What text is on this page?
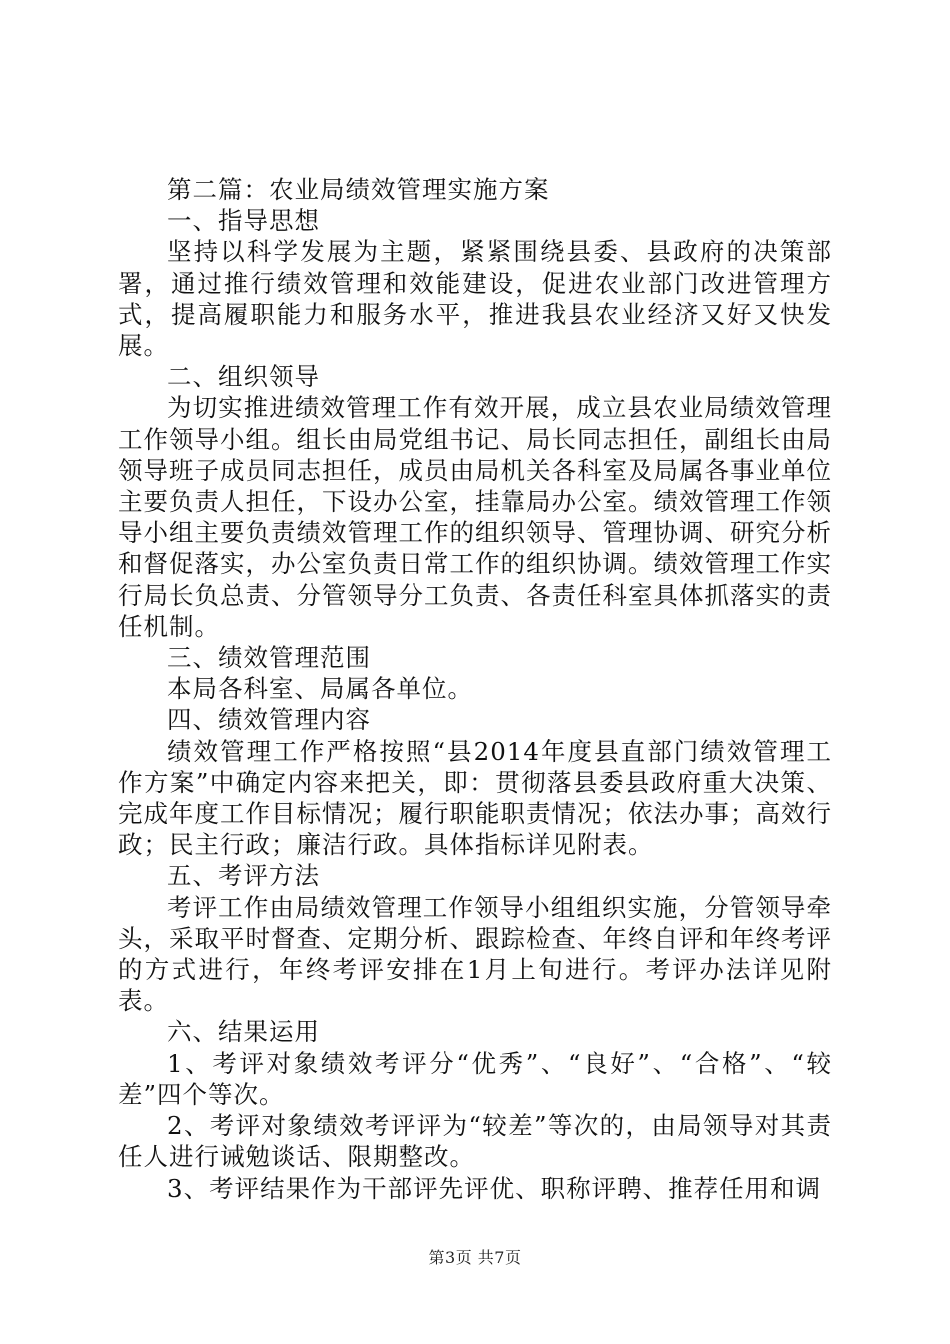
第二篇：农业局绩效管理实施方案

一、指导思想

坚持以科学发展为主题，紧紧围绕县委、县政府的决策部署，通过推行绩效管理和效能建设，促进农业部门改进管理方式，提高履职能力和服务水平，推进我县农业经济又好又快发展。

二、组织领导

为切实推进绩效管理工作有效开展，成立县农业局绩效管理工作领导小组。组长由局党组书记、局长同志担任，副组长由局领导班子成员同志担任，成员由局机关各科室及局属各事业单位主要负责人担任，下设办公室，挂靠局办公室。绩效管理工作领导小组主要负责绩效管理工作的组织领导、管理协调、研究分析和督促落实，办公室负责日常工作的组织协调。绩效管理工作实行局长负总责、分管领导分工负责、各责任科室具体抓落实的责任机制。

三、绩效管理范围

本局各科室、局属各单位。

四、绩效管理内容

绩效管理工作严格按照“县2014年度县直部门绩效管理工作方案”中确定内容来把关，即：贯彻落县委县政府重大决策、完成年度工作目标情况；履行职能职责情况；依法办事；高效行政；民主行政；廉洁行政。具体指标详见附表。

五、考评方法

考评工作由局绩效管理工作领导小组组织实施，分管领导牵头，采取平时督查、定期分析、跟踪检查、年终自评和年终考评的方式进行，年终考评安排在1月上旬进行。考评办法详见附表。

六、结果运用

1、考评对象绩效考评分“优秀”、“良好”、“合格”、“较差”四个等次。

2、考评对象绩效考评评为“较差”等次的，由局领导对其责任人进行诫勉谈话、限期整改。

3、考评结果作为干部评先评优、职称评聘、推荐任用和调

第3页 共7页
